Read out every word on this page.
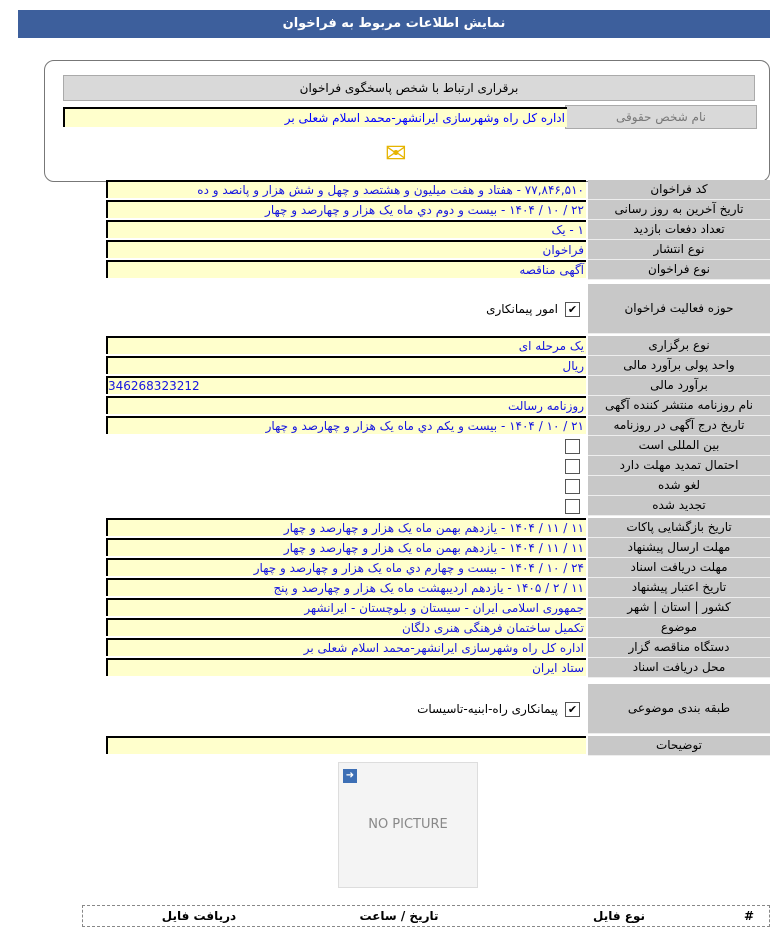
نمایش اطلاعات مربوط به فراخوان
برقراری ارتباط با شخص پاسخگوی فراخوان
نام شخص حقوقی
اداره کل راه وشهرسازی ایرانشهر-محمد اسلام شعلی بر
✉
کد فراخوان
۷۷,۸۴۶,۵۱۰ - هفتاد و هفت میلیون و هشتصد و چهل و شش هزار و پانصد و ده
تاریخ آخرین به روز رسانی
۲۲ / ۱۰ / ۱۴۰۴ - بیست و دوم دي ماه یک هزار و چهارصد و چهار
تعداد دفعات بازدید
۱ - یک
نوع انتشار
فراخوان
نوع فراخوان
آگهی مناقصه
حوزه فعالیت فراخوان
امور پیمانکاری ✔
نوع برگزاری
یک مرحله ای
واحد پولی برآورد مالی
ریال
برآورد مالی
346268323212
نام روزنامه منتشر کننده آگهی
روزنامه رسالت
تاریخ درج آگهی در روزنامه
۲۱ / ۱۰ / ۱۴۰۴ - بیست و یکم دي ماه یک هزار و چهارصد و چهار
بین المللی است
احتمال تمدید مهلت دارد
لغو شده
تجدید شده
تاریخ بازگشایی پاکات
۱۱ / ۱۱ / ۱۴۰۴ - یازدهم بهمن ماه یک هزار و چهارصد و چهار
مهلت ارسال پیشنهاد
۱۱ / ۱۱ / ۱۴۰۴ - یازدهم بهمن ماه یک هزار و چهارصد و چهار
مهلت دریافت اسناد
۲۴ / ۱۰ / ۱۴۰۴ - بیست و چهارم دي ماه یک هزار و چهارصد و چهار
تاریخ اعتبار پیشنهاد
۱۱ / ۲ / ۱۴۰۵ - یازدهم اردیبهشت ماه یک هزار و چهارصد و پنج
کشور | استان | شهر
جمهوری اسلامی ایران - سیستان و بلوچستان - ایرانشهر
موضوع
تکمیل ساختمان فرهنگی هنری دلگان
دستگاه مناقصه گزار
اداره کل راه وشهرسازی ایرانشهر-محمد اسلام شعلی بر
محل دریافت اسناد
ستاد ایران
طبقه بندی موضوعی
پیمانکاری راه-ابنیه-تاسیسات ✔
توضیحات
➜
NO PICTURE
#
نوع فایل
تاریخ / ساعت
دریافت فایل
